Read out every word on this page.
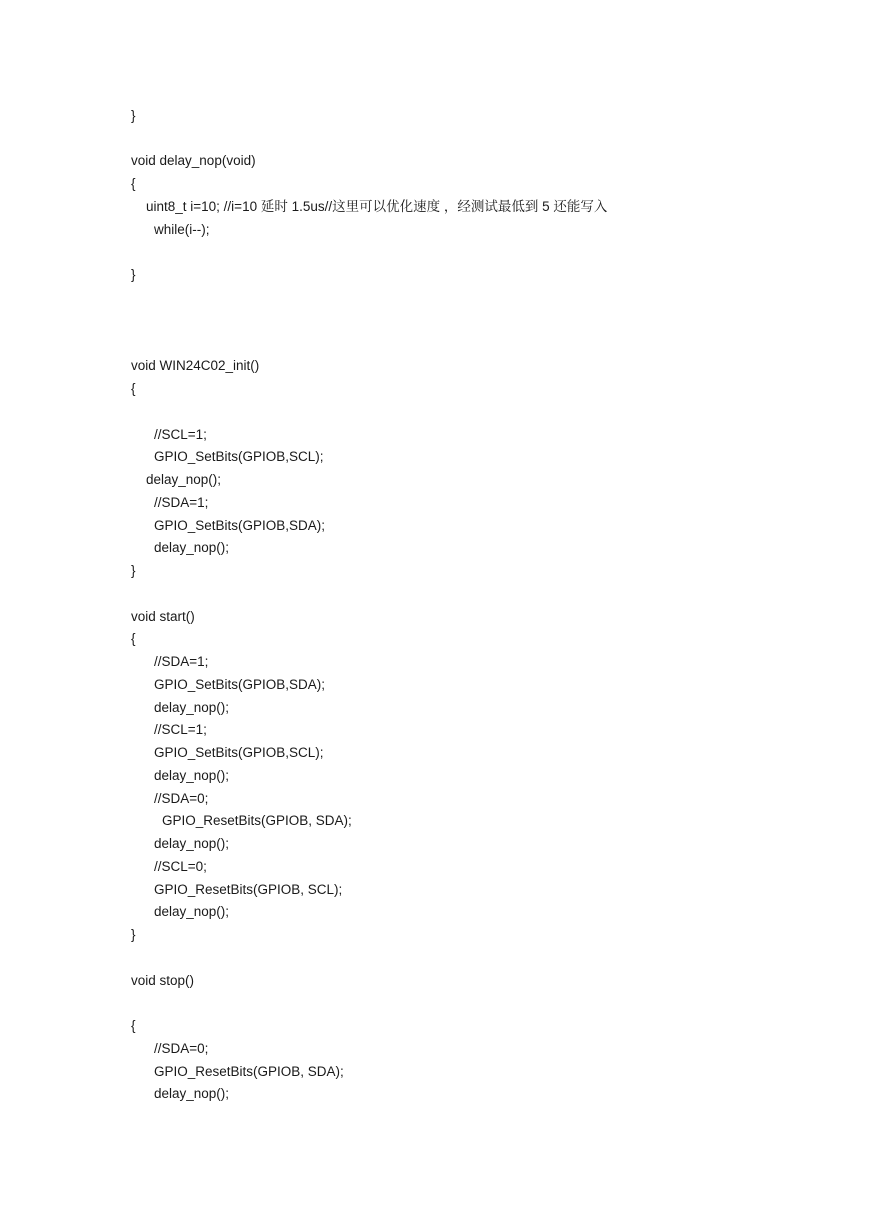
}
void delay_nop(void)
{
uint8_t i=10; //i=10 延时 1.5us//这里可以优化速度 ，经测试最低到 5 还能写入
while(i--);
}
void WIN24C02_init()
{
//SCL=1;
GPIO_SetBits(GPIOB,SCL);
delay_nop();
//SDA=1;
GPIO_SetBits(GPIOB,SDA);
delay_nop();
}
void start()
{
//SDA=1;
GPIO_SetBits(GPIOB,SDA);
delay_nop();
//SCL=1;
GPIO_SetBits(GPIOB,SCL);
delay_nop();
//SDA=0;
GPIO_ResetBits(GPIOB, SDA);
delay_nop();
//SCL=0;
GPIO_ResetBits(GPIOB, SCL);
delay_nop();
}
void stop()
{
//SDA=0;
GPIO_ResetBits(GPIOB, SDA);
delay_nop();
